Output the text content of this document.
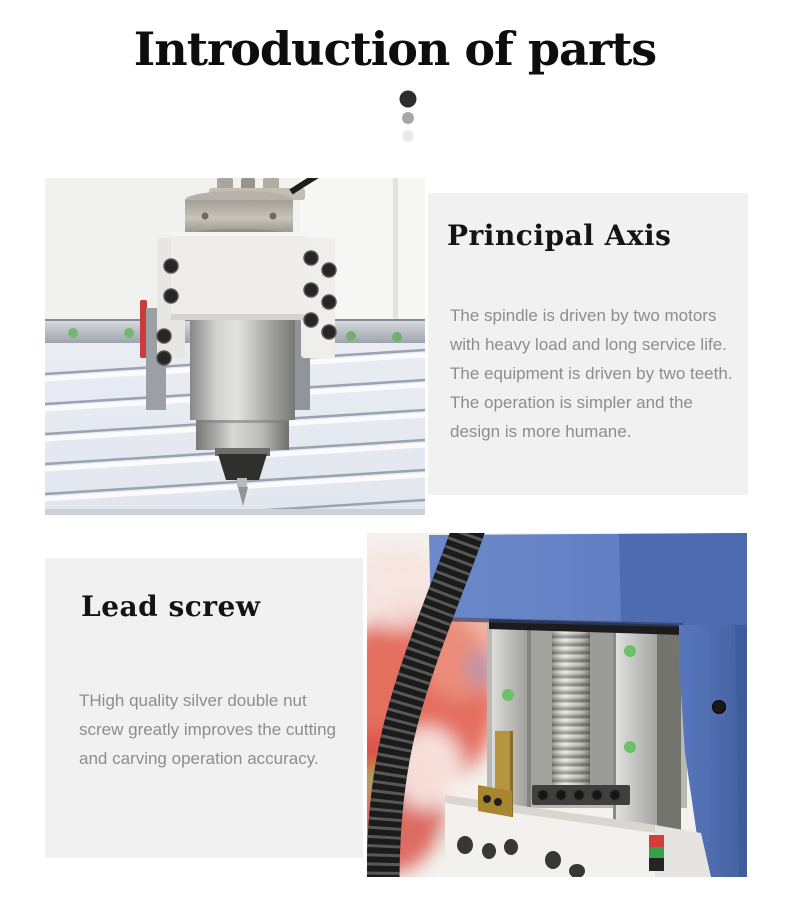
Introduction of parts
Principal Axis

The spindle is driven by two motors with heavy load and long service life. The equipment is driven by two teeth. The operation is simpler and the design is more humane.

Lead screw

THigh quality silver double nut screw greatly improves the cutting and carving operation accuracy.
